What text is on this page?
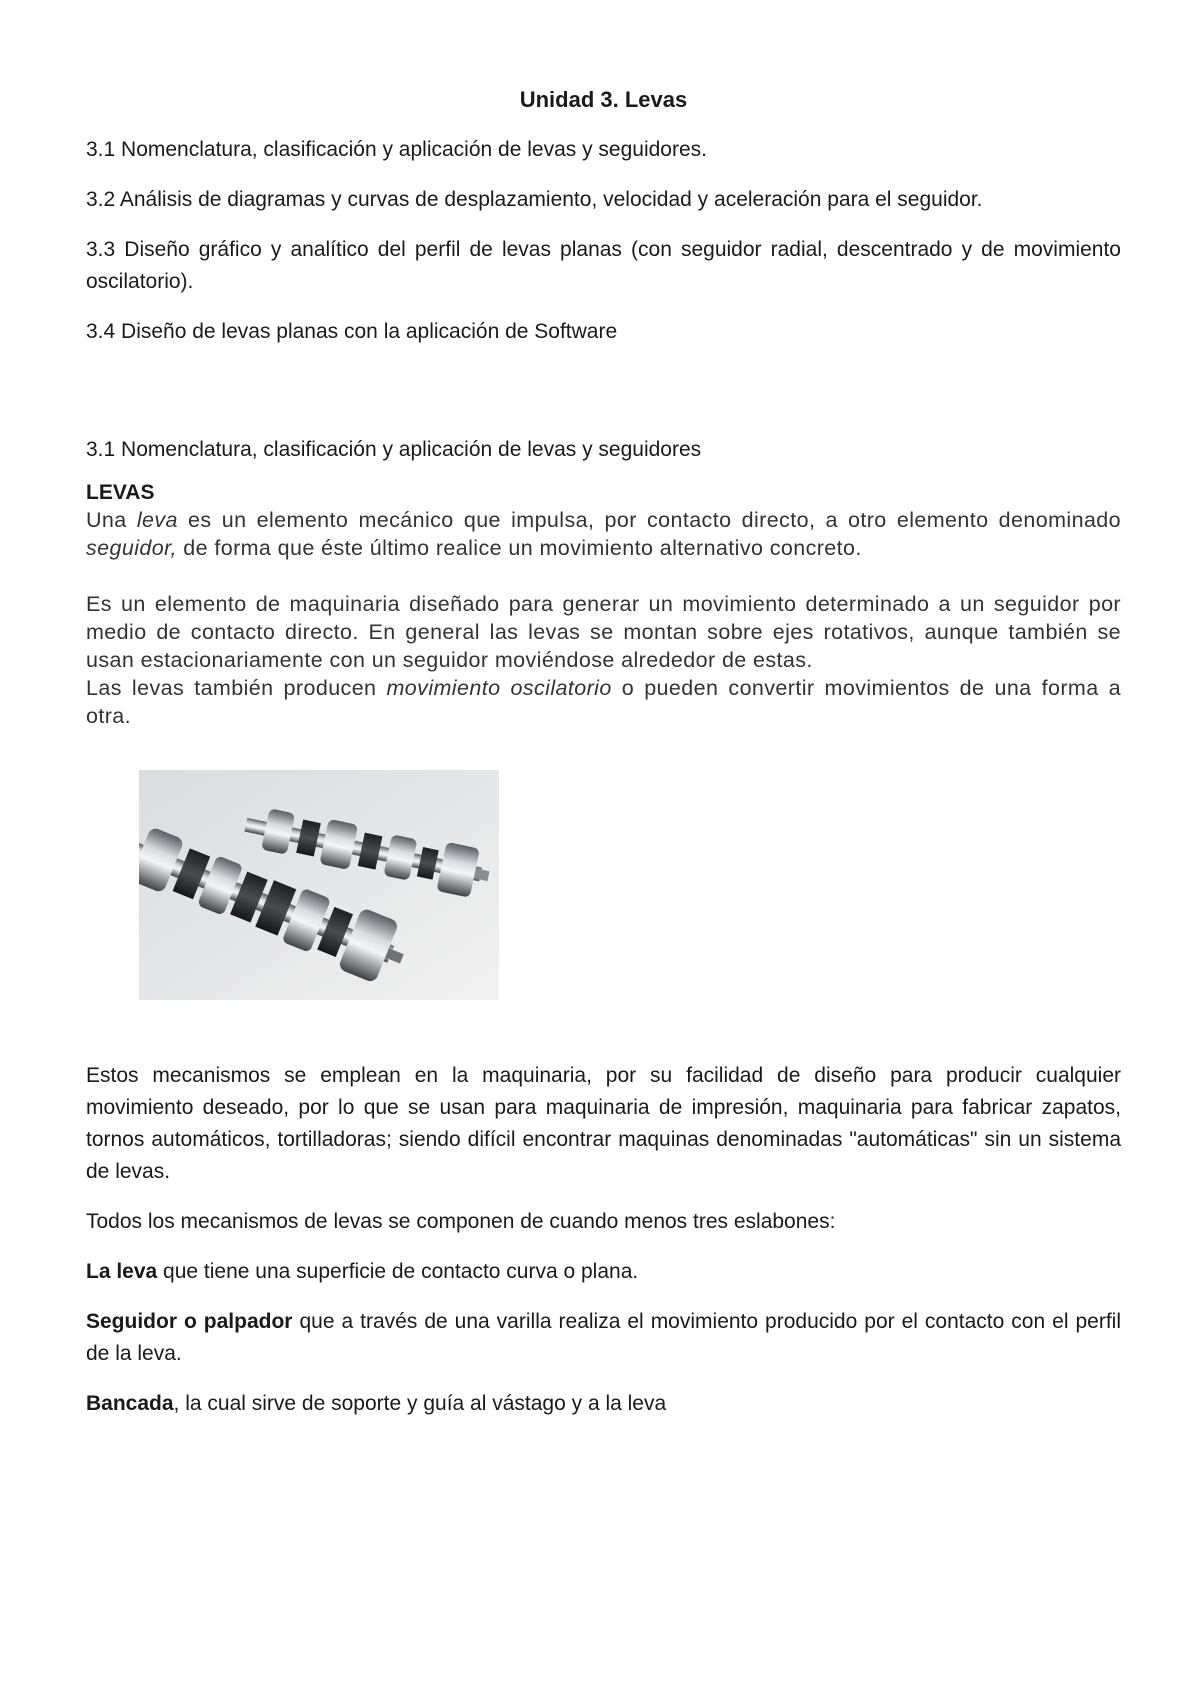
Unidad 3. Levas
3.1 Nomenclatura, clasificación y aplicación de levas y seguidores.
3.2 Análisis de diagramas y curvas de desplazamiento, velocidad y aceleración para el seguidor.
3.3 Diseño gráfico y analítico del perfil de levas planas (con seguidor radial, descentrado y de movimiento oscilatorio).
3.4 Diseño de levas planas con la aplicación de Software
3.1 Nomenclatura, clasificación y aplicación de levas y seguidores
LEVAS
Una leva es un elemento mecánico que impulsa, por contacto directo, a otro elemento denominado seguidor, de forma que éste último realice un movimiento alternativo concreto.
Es un elemento de maquinaria diseñado para generar un movimiento determinado a un seguidor por medio de contacto directo. En general las levas se montan sobre ejes rotativos, aunque también se usan estacionariamente con un seguidor moviéndose alrededor de estas.
Las levas también producen movimiento oscilatorio o pueden convertir movimientos de una forma a otra.
Estos mecanismos se emplean en la maquinaria, por su facilidad de diseño para producir cualquier movimiento deseado, por lo que se usan para maquinaria de impresión, maquinaria para fabricar zapatos, tornos automáticos, tortilladoras; siendo difícil encontrar maquinas denominadas "automáticas" sin un sistema de levas.
Todos los mecanismos de levas se componen de cuando menos tres eslabones:
La leva que tiene una superficie de contacto curva o plana.
Seguidor o palpador que a través de una varilla realiza el movimiento producido por el contacto con el perfil de la leva.
Bancada, la cual sirve de soporte y guía al vástago y a la leva
